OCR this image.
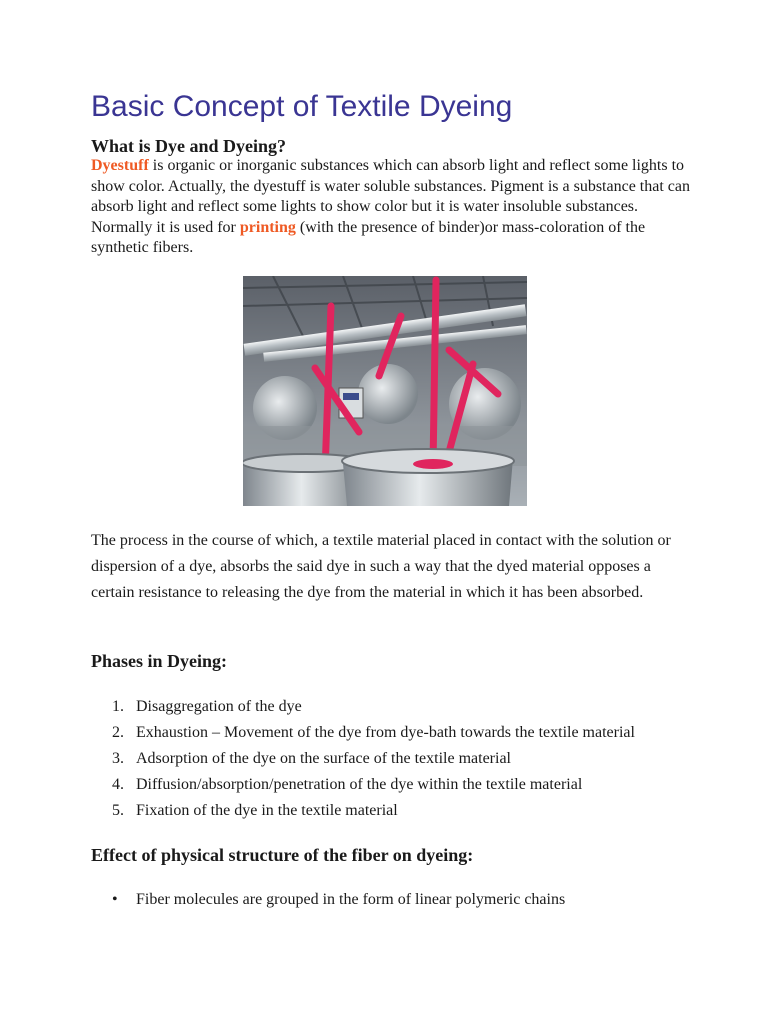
Basic Concept of Textile Dyeing
What is Dye and Dyeing?

Dyestuff is organic or inorganic substances which can absorb light and reflect some lights to show color. Actually, the dyestuff is water soluble substances. Pigment is a substance that can absorb light and reflect some lights to show color but it is water insoluble substances. Normally it is used for printing (with the presence of binder)or mass-coloration of the synthetic fibers.

The process in the course of which, a textile material placed in contact with the solution or dispersion of a dye, absorbs the said dye in such a way that the dyed material opposes a certain resistance to releasing the dye from the material in which it has been absorbed.

Phases in Dyeing:
1. Disaggregation of the dye
2. Exhaustion – Movement of the dye from dye-bath towards the textile material
3. Adsorption of the dye on the surface of the textile material
4. Diffusion/absorption/penetration of the dye within the textile material
5. Fixation of the dye in the textile material
Effect of physical structure of the fiber on dyeing:
• Fiber molecules are grouped in the form of linear polymeric chains
